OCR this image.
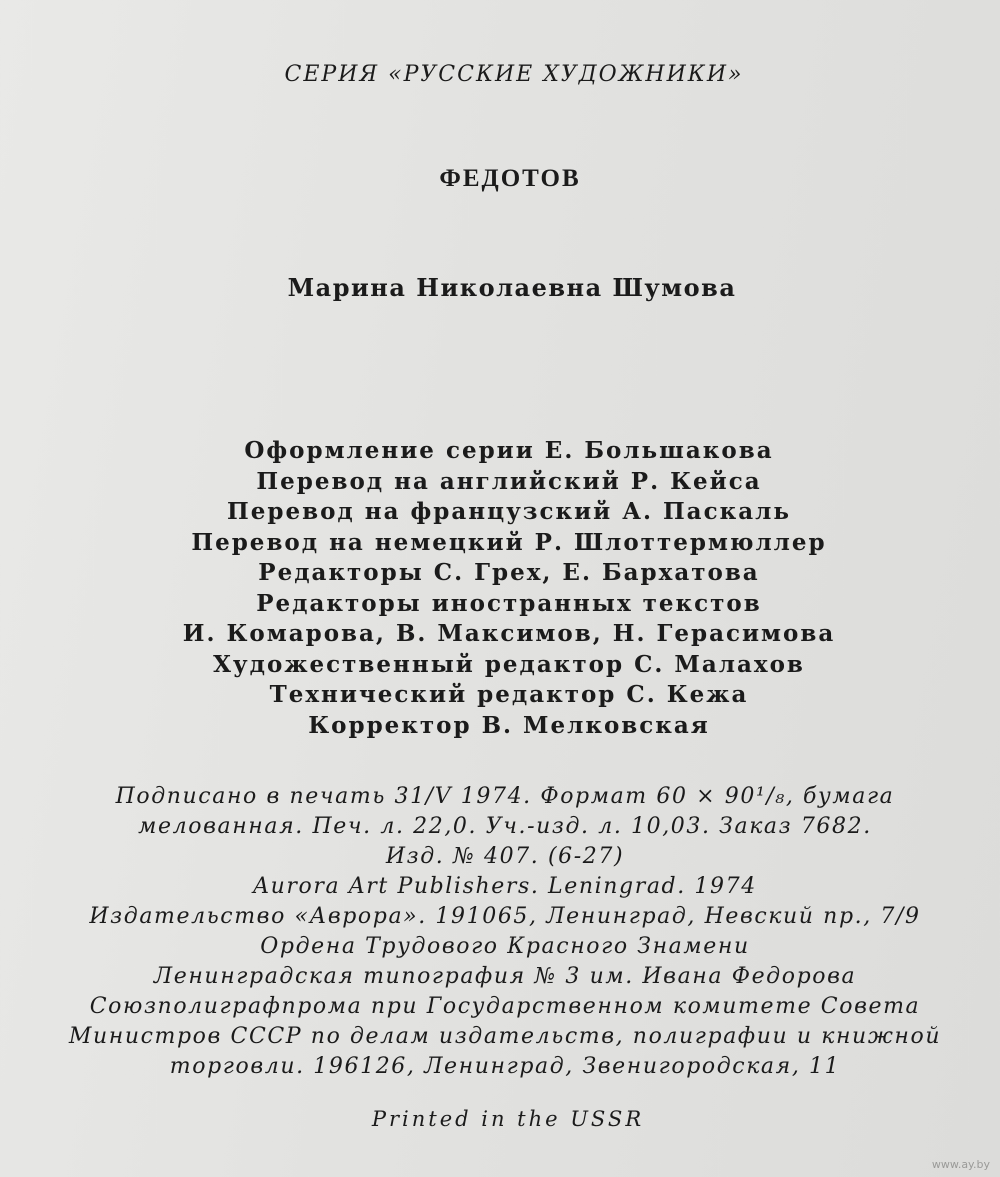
СЕРИЯ «РУССКИЕ ХУДОЖНИКИ»
ФЕДОТОВ
Марина Николаевна Шумова
Оформление серии Е. Большакова
Перевод на английский Р. Кейса
Перевод на французский А. Паскаль
Перевод на немецкий Р. Шлоттермюллер
Редакторы С. Грех, Е. Бархатова
Редакторы иностранных текстов
И. Комарова, В. Максимов, Н. Герасимова
Художественный редактор С. Малахов
Технический редактор С. Кежа
Корректор В. Мелковская
Подписано в печать 31/V 1974. Формат 60 × 90¹/₈, бумага
мелованная. Печ. л. 22,0. Уч.-изд. л. 10,03. Заказ 7682.
Изд. № 407. (6-27)
Aurora Art Publishers. Leningrad. 1974
Издательство «Аврора». 191065, Ленинград, Невский пр., 7/9
Ордена Трудового Красного Знамени
Ленинградская типография № 3 им. Ивана Федорова
Союзполиграфпрома при Государственном комитете Совета
Министров СССР по делам издательств, полиграфии и книжной
торговли. 196126, Ленинград, Звенигородская, 11
Printed in the USSR
www.ay.by
